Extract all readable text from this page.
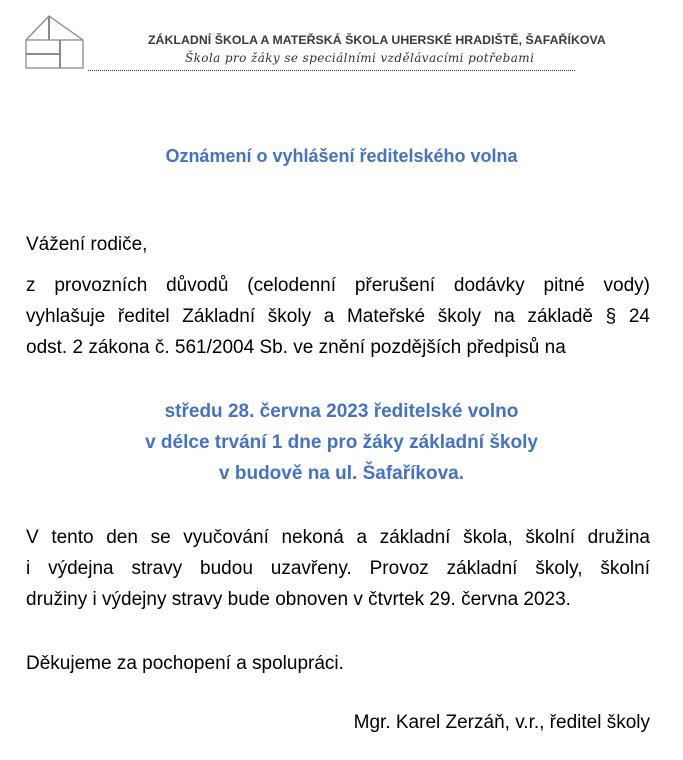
ZÁKLADNÍ ŠKOLA A MATEŘSKÁ ŠKOLA UHERSKÉ HRADIŠTĚ, ŠAFAŘÍKOVA
Škola pro žáky se speciálními vzdělávacími potřebami
Oznámení o vyhlášení ředitelského volna
Vážení rodiče,
z provozních důvodů (celodenní přerušení dodávky pitné vody)
vyhlašuje ředitel Základní školy a Mateřské školy na základě § 24
odst. 2 zákona č. 561/2004 Sb. ve znění pozdějších předpisů na
středu 28. června 2023 ředitelské volno
v délce trvání 1 dne pro žáky základní školy
v budově na ul. Šafaříkova.
V tento den se vyučování nekoná a základní škola, školní družina
i výdejna stravy budou uzavřeny. Provoz základní školy, školní
družiny i výdejny stravy bude obnoven v čtvrtek 29. června 2023.
Děkujeme za pochopení a spolupráci.
Mgr. Karel Zerzáň, v.r., ředitel školy
